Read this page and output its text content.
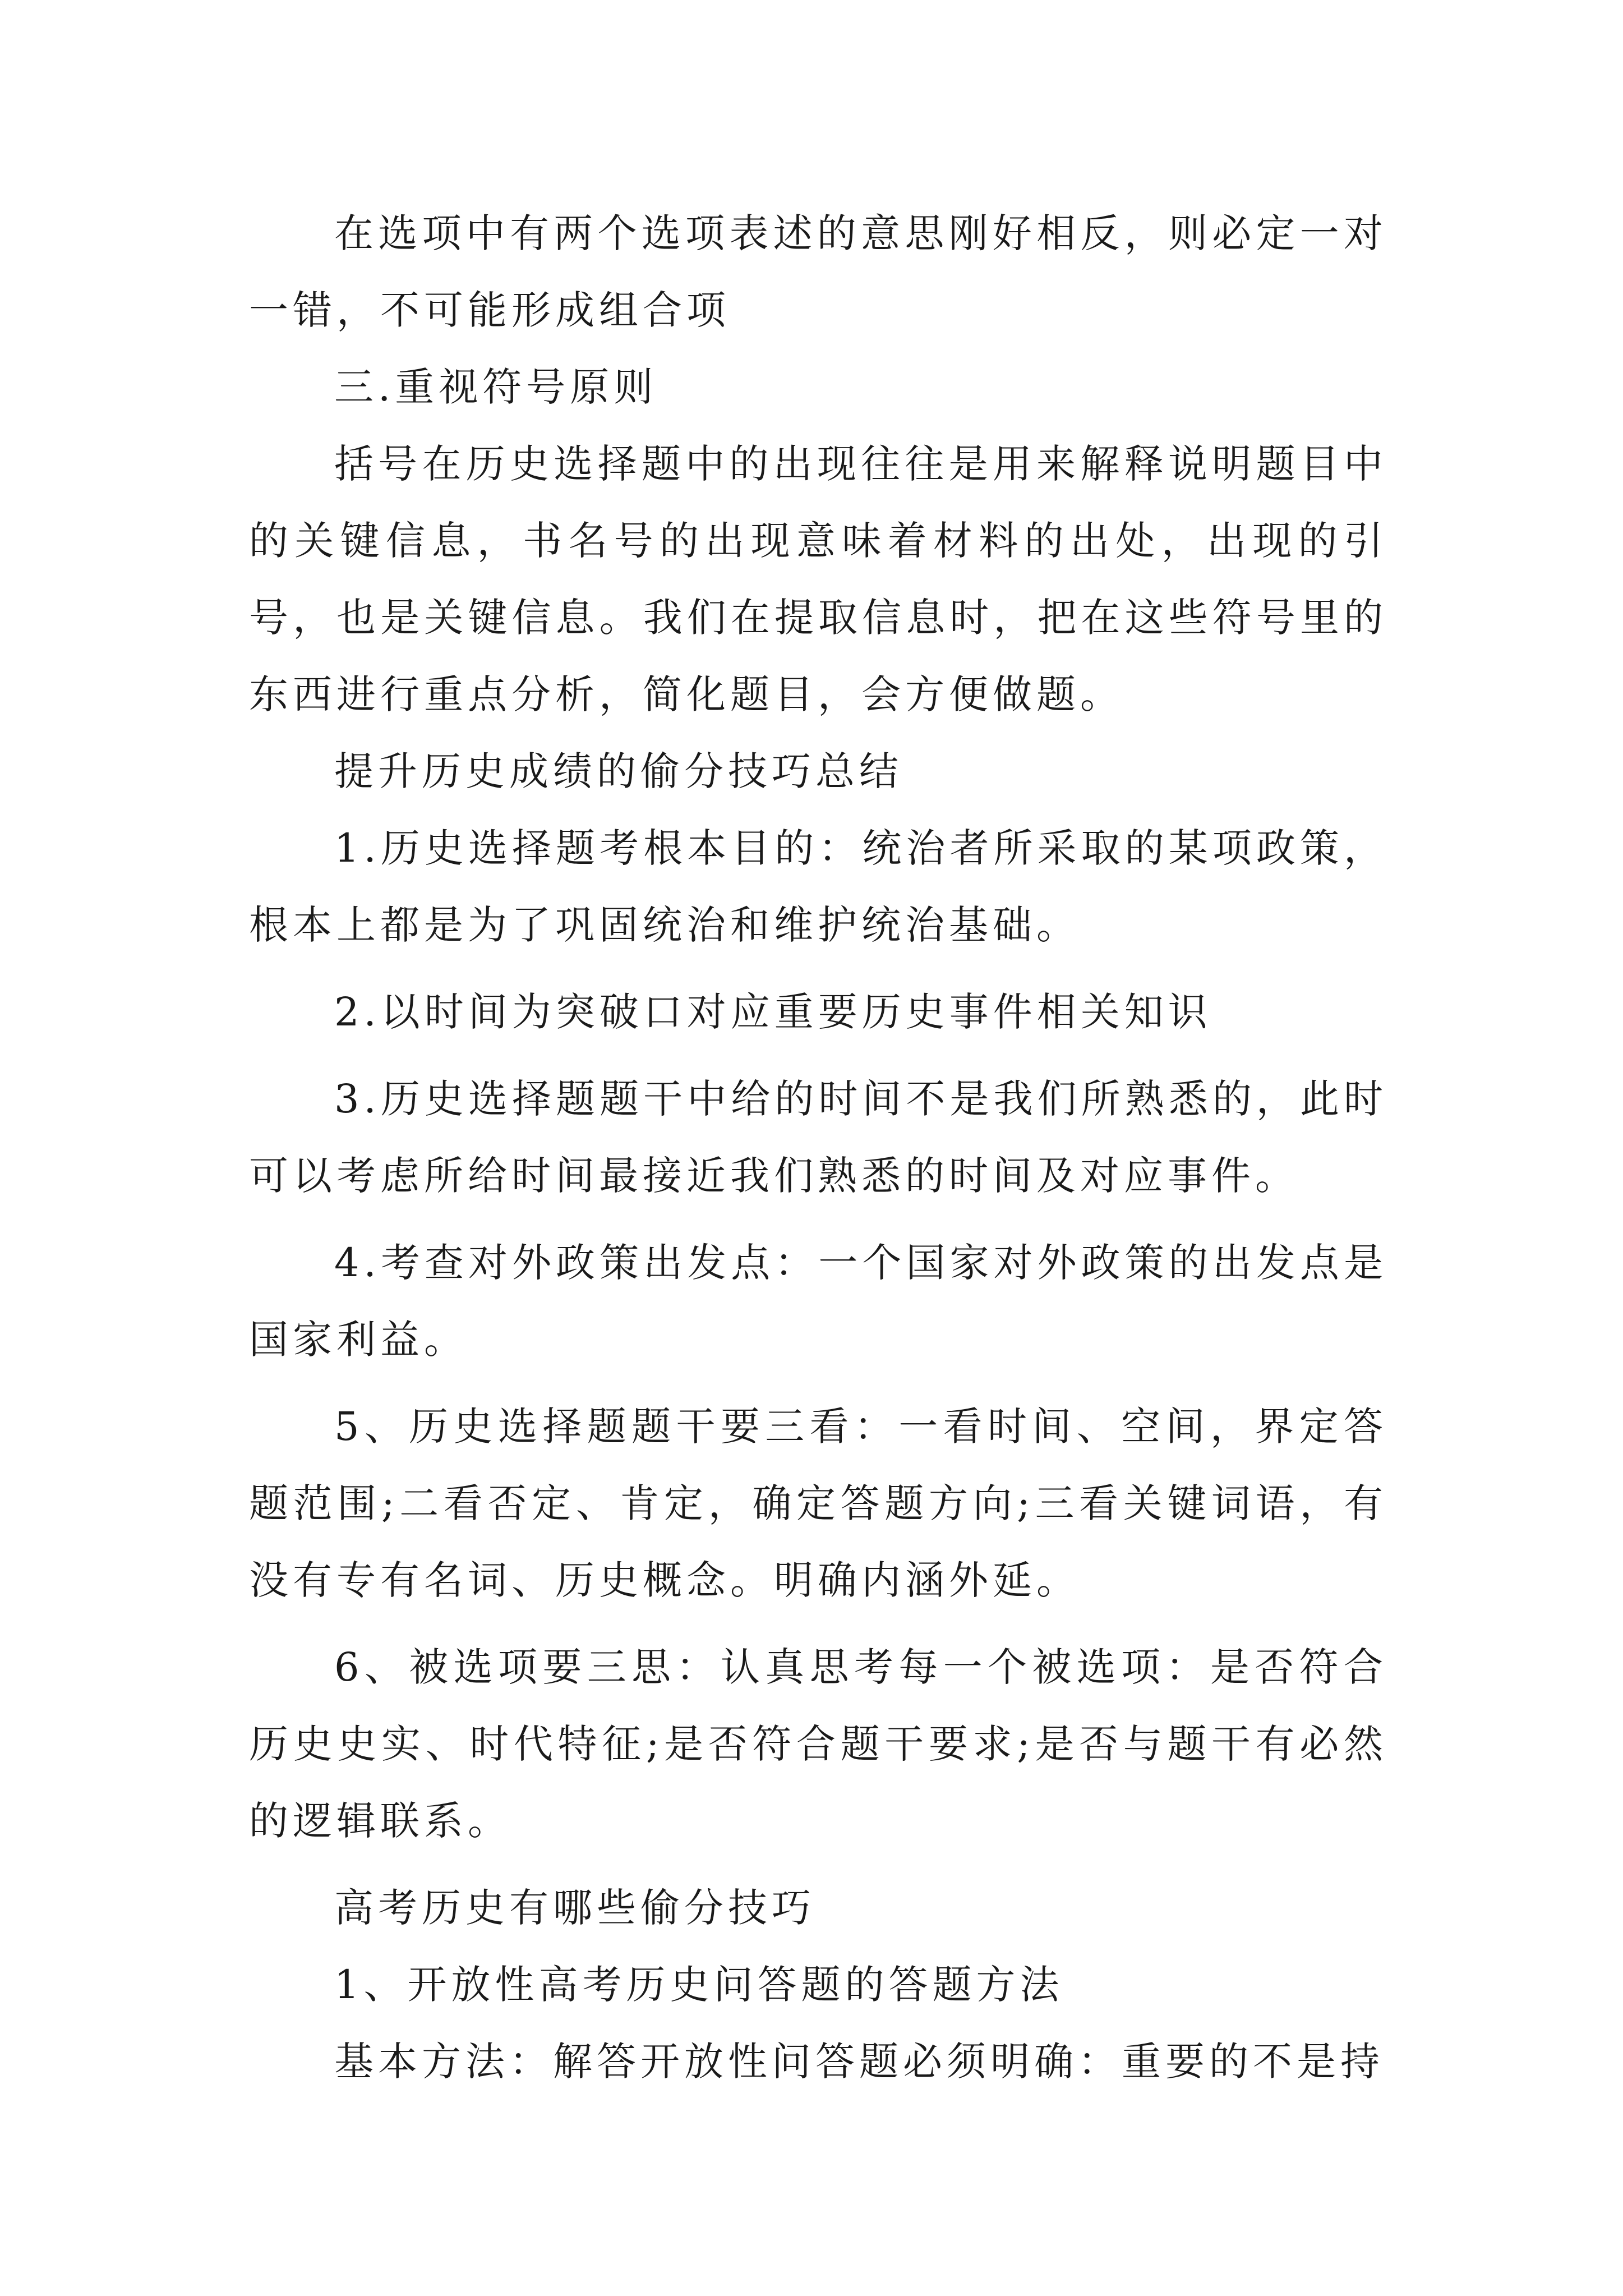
在选项中有两个选项表述的意思刚好相反，则必定一对一错，不可能形成组合项

三.重视符号原则

括号在历史选择题中的出现往往是用来解释说明题目中的关键信息，书名号的出现意味着材料的出处，出现的引号，也是关键信息。我们在提取信息时，把在这些符号里的东西进行重点分析，简化题目，会方便做题。

提升历史成绩的偷分技巧总结

1.历史选择题考根本目的：统治者所采取的某项政策，根本上都是为了巩固统治和维护统治基础。

2.以时间为突破口对应重要历史事件相关知识

3.历史选择题题干中给的时间不是我们所熟悉的，此时可以考虑所给时间最接近我们熟悉的时间及对应事件。

4.考查对外政策出发点：一个国家对外政策的出发点是国家利益。

5、历史选择题题干要三看：一看时间、空间，界定答题范围;二看否定、肯定，确定答题方向;三看关键词语，有没有专有名词、历史概念。明确内涵外延。

6、被选项要三思：认真思考每一个被选项：是否符合历史史实、时代特征;是否符合题干要求;是否与题干有必然的逻辑联系。

高考历史有哪些偷分技巧

1、开放性高考历史问答题的答题方法

基本方法：解答开放性问答题必须明确：重要的不是持
